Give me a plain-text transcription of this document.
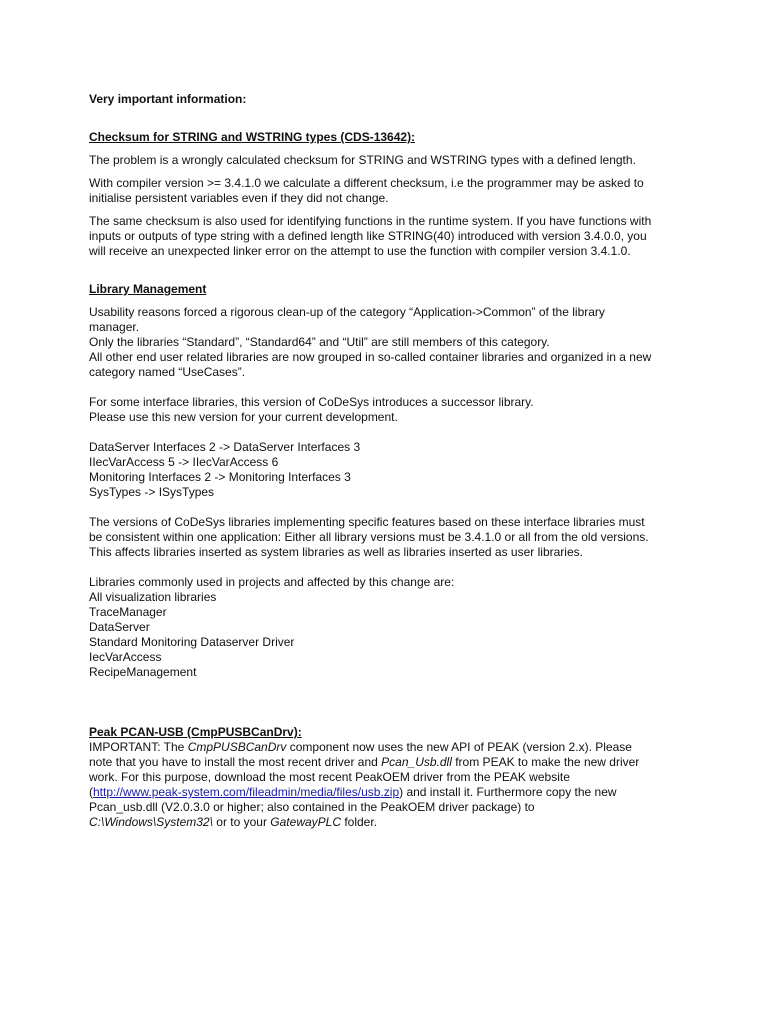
Very important information:

Checksum for STRING and WSTRING types (CDS-13642):

The problem is a wrongly calculated checksum for STRING and WSTRING types with a defined length.

With compiler version >= 3.4.1.0 we calculate a different checksum, i.e the programmer may be asked to

initialise persistent variables even if they did not change.

The same checksum is also used for identifying functions in the runtime system. If you have functions with

inputs or outputs of type string with a defined length like STRING(40) introduced with version 3.4.0.0, you

will receive an unexpected linker error on the attempt to use the function with compiler version 3.4.1.0.

Library Management

Usability reasons forced a rigorous clean-up of the category “Application->Common” of the library

manager.

Only the libraries “Standard”, “Standard64” and “Util” are still members of this category.

All other end user related libraries are now grouped in so-called container libraries and organized in a new

category named “UseCases”.

For some interface libraries, this version of CoDeSys introduces a successor library.

Please use this new version for your current development.

DataServer Interfaces 2 -> DataServer Interfaces 3

IIecVarAccess 5 -> IIecVarAccess 6

Monitoring Interfaces 2 -> Monitoring Interfaces 3

SysTypes -> ISysTypes

The versions of CoDeSys libraries implementing specific features based on these interface libraries must

be consistent within one application: Either all library versions must be 3.4.1.0 or all from the old versions.

This affects libraries inserted as system libraries as well as libraries inserted as user libraries.

Libraries commonly used in projects and affected by this change are:

All visualization libraries

TraceManager

DataServer

Standard Monitoring Dataserver Driver

IecVarAccess

RecipeManagement

Peak PCAN-USB (CmpPUSBCanDrv):

IMPORTANT: The CmpPUSBCanDrv component now uses the new API of PEAK (version 2.x). Please

note that you have to install the most recent driver and Pcan_Usb.dll from PEAK to make the new driver

work. For this purpose, download the most recent PeakOEM driver from the PEAK website

(http://www.peak-system.com/fileadmin/media/files/usb.zip) and install it. Furthermore copy the new

Pcan_usb.dll (V2.0.3.0 or higher; also contained in the PeakOEM driver package) to

C:\Windows\System32\ or to your GatewayPLC folder.
